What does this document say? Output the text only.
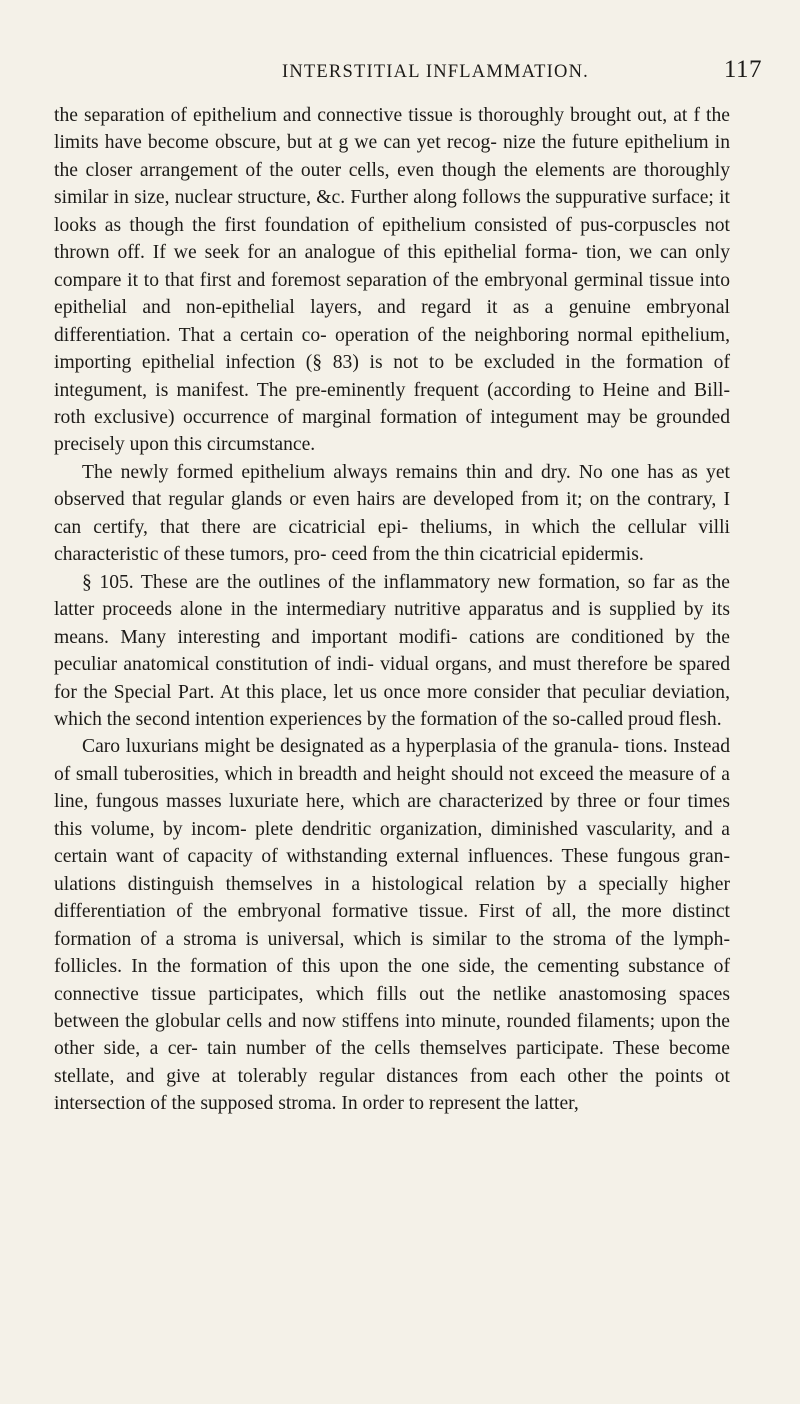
INTERSTITIAL INFLAMMATION.	117

the separation of epithelium and connective tissue is thoroughly brought out, at f the limits have become obscure, but at g we can yet recog- nize the future epithelium in the closer arrangement of the outer cells, even though the elements are thoroughly similar in size, nuclear structure, &c. Further along follows the suppurative surface; it looks as though the first foundation of epithelium consisted of pus-corpuscles not thrown off. If we seek for an analogue of this epithelial forma- tion, we can only compare it to that first and foremost separation of the embryonal germinal tissue into epithelial and non-epithelial layers, and regard it as a genuine embryonal differentiation. That a certain co- operation of the neighboring normal epithelium, importing epithelial infection (§ 83) is not to be excluded in the formation of integument, is manifest. The pre-eminently frequent (according to Heine and Bill- roth exclusive) occurrence of marginal formation of integument may be grounded precisely upon this circumstance.

The newly formed epithelium always remains thin and dry. No one has as yet observed that regular glands or even hairs are developed from it; on the contrary, I can certify, that there are cicatricial epi- theliums, in which the cellular villi characteristic of these tumors, pro- ceed from the thin cicatricial epidermis.

§ 105. These are the outlines of the inflammatory new formation, so far as the latter proceeds alone in the intermediary nutritive apparatus and is supplied by its means. Many interesting and important modifi- cations are conditioned by the peculiar anatomical constitution of indi- vidual organs, and must therefore be spared for the Special Part. At this place, let us once more consider that peculiar deviation, which the second intention experiences by the formation of the so-called proud flesh.

Caro luxurians might be designated as a hyperplasia of the granula- tions. Instead of small tuberosities, which in breadth and height should not exceed the measure of a line, fungous masses luxuriate here, which are characterized by three or four times this volume, by incom- plete dendritic organization, diminished vascularity, and a certain want of capacity of withstanding external influences. These fungous gran- ulations distinguish themselves in a histological relation by a specially higher differentiation of the embryonal formative tissue. First of all, the more distinct formation of a stroma is universal, which is similar to the stroma of the lymph-follicles. In the formation of this upon the one side, the cementing substance of connective tissue participates, which fills out the netlike anastomosing spaces between the globular cells and now stiffens into minute, rounded filaments; upon the other side, a cer- tain number of the cells themselves participate. These become stellate, and give at tolerably regular distances from each other the points ot intersection of the supposed stroma. In order to represent the latter,
